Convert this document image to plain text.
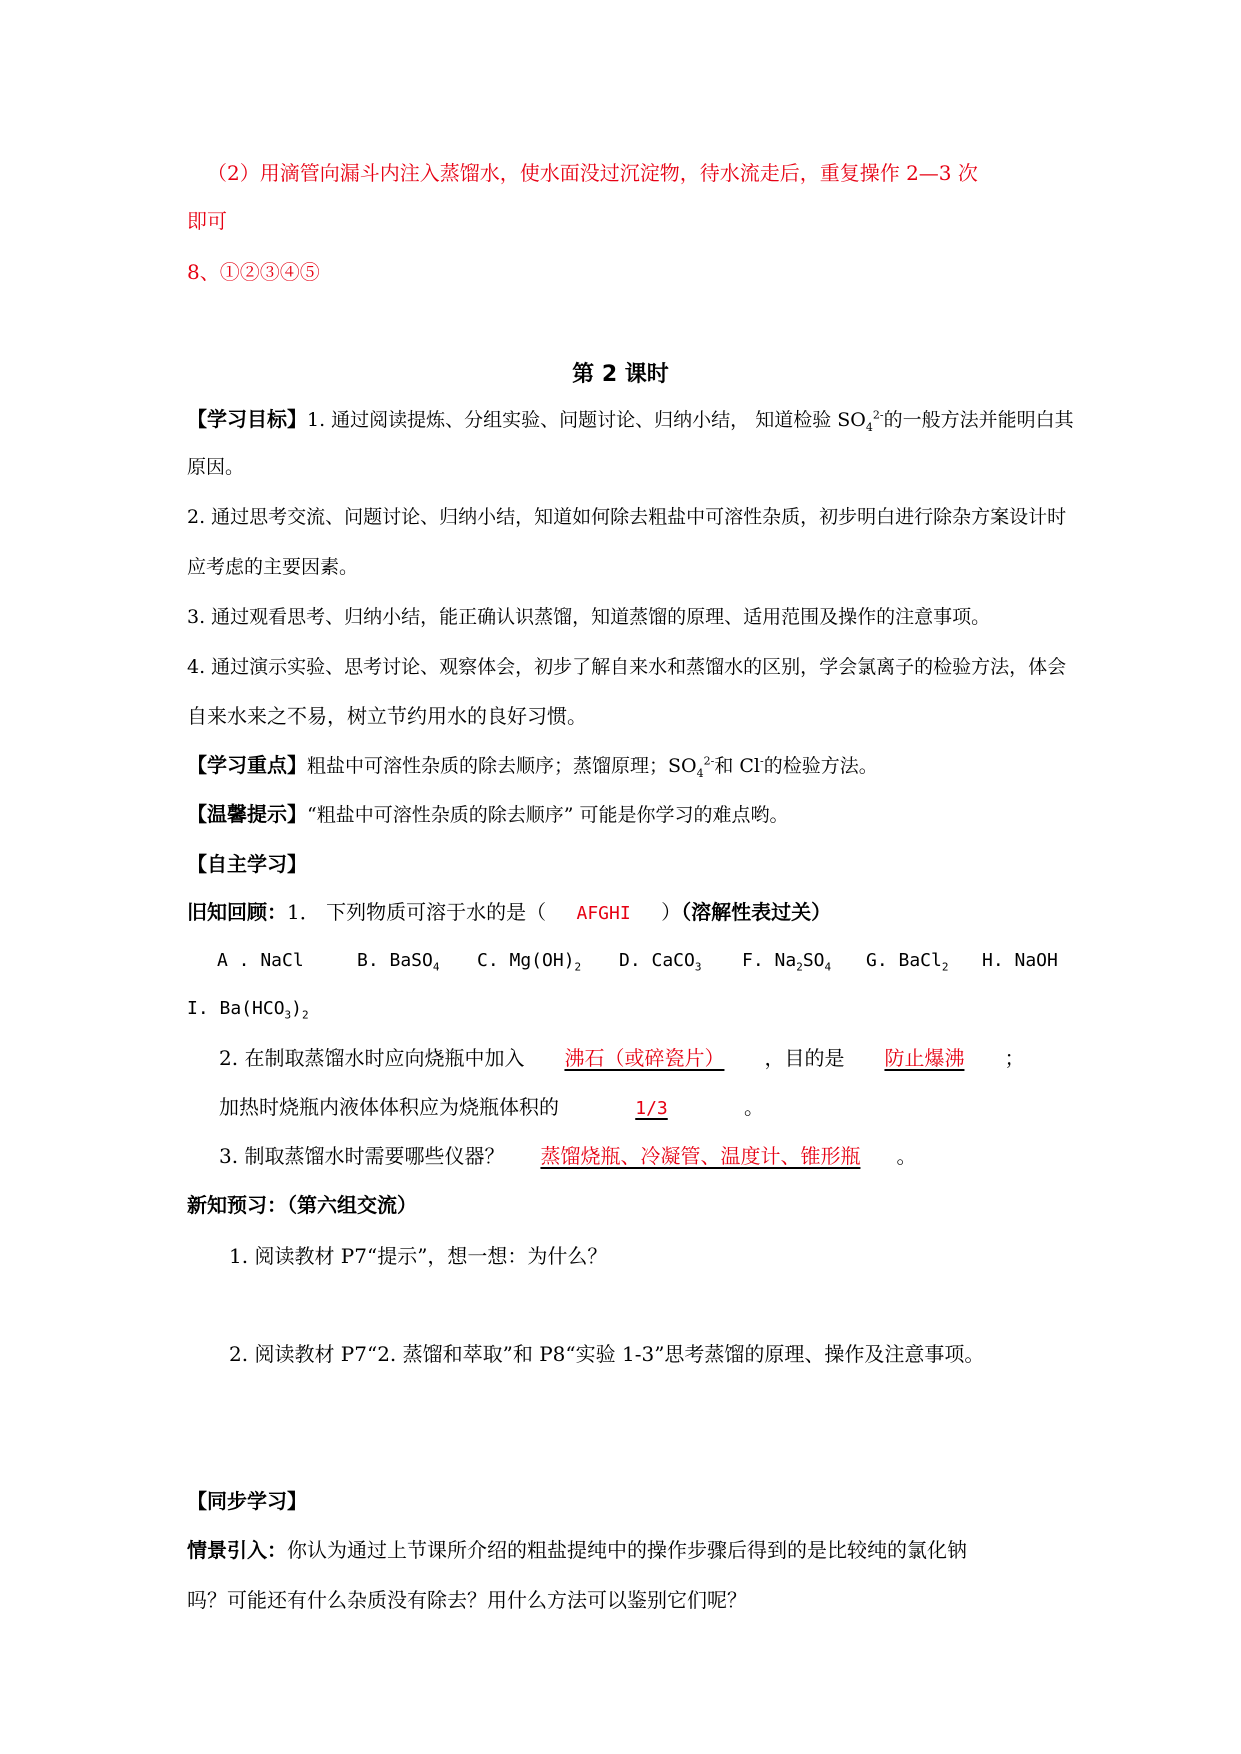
（2）用滴管向漏斗内注入蒸馏水，使水面没过沉淀物，待水流走后，重复操作 2—3 次
即可
8、①②③④⑤
第 2 课时
【学习目标】1. 通过阅读提炼、分组实验、问题讨论、归纳小结， 知道检验 $SO_4^{2-}$的一般方法并能明白其
原因。
2. 通过思考交流、问题讨论、归纳小结，知道如何除去粗盐中可溶性杂质，初步明白进行除杂方案设计时
应考虑的主要因素。
3. 通过观看思考、归纳小结，能正确认识蒸馏，知道蒸馏的原理、适用范围及操作的注意事项。
4. 通过演示实验、思考讨论、观察体会，初步了解自来水和蒸馏水的区别，学会氯离子的检验方法，体会
自来水来之不易，树立节约用水的良好习惯。
【学习重点】粗盐中可溶性杂质的除去顺序；蒸馏原理；$SO_4^{2-}$和 Cl-的检验方法。
【温馨提示】“粗盐中可溶性杂质的除去顺序” 可能是你学习的难点哟。
【自主学习】
旧知回顾：1． 下列物质可溶于水的是（ AFGHI ）（溶解性表过关）
A . NaCl	B. BaSO$_4$ C. $Mg(OH)_2$ D. CaCO$_3$ F. $Na_2SO_4$ G. BaCl$_2$ H. NaOH
I. $Ba(HCO_3)_2$
2. 在制取蒸馏水时应向烧瓶中加入 沸石（或碎瓷片） ，目的是 防止爆沸 ；
加热时烧瓶内液体体积应为烧瓶体积的	1/3	。
3. 制取蒸馏水时需要哪些仪器？ 蒸馏烧瓶、冷凝管、温度计、锥形瓶 。
新知预习：（第六组交流）
1. 阅读教材 P7“提示”，想一想：为什么？
2. 阅读教材 P7“2. 蒸馏和萃取”和 P8“实验 1-3”思考蒸馏的原理、操作及注意事项。
【同步学习】
情景引入：你认为通过上节课所介绍的粗盐提纯中的操作步骤后得到的是比较纯的氯化钠
吗？可能还有什么杂质没有除去？用什么方法可以鉴别它们呢？
